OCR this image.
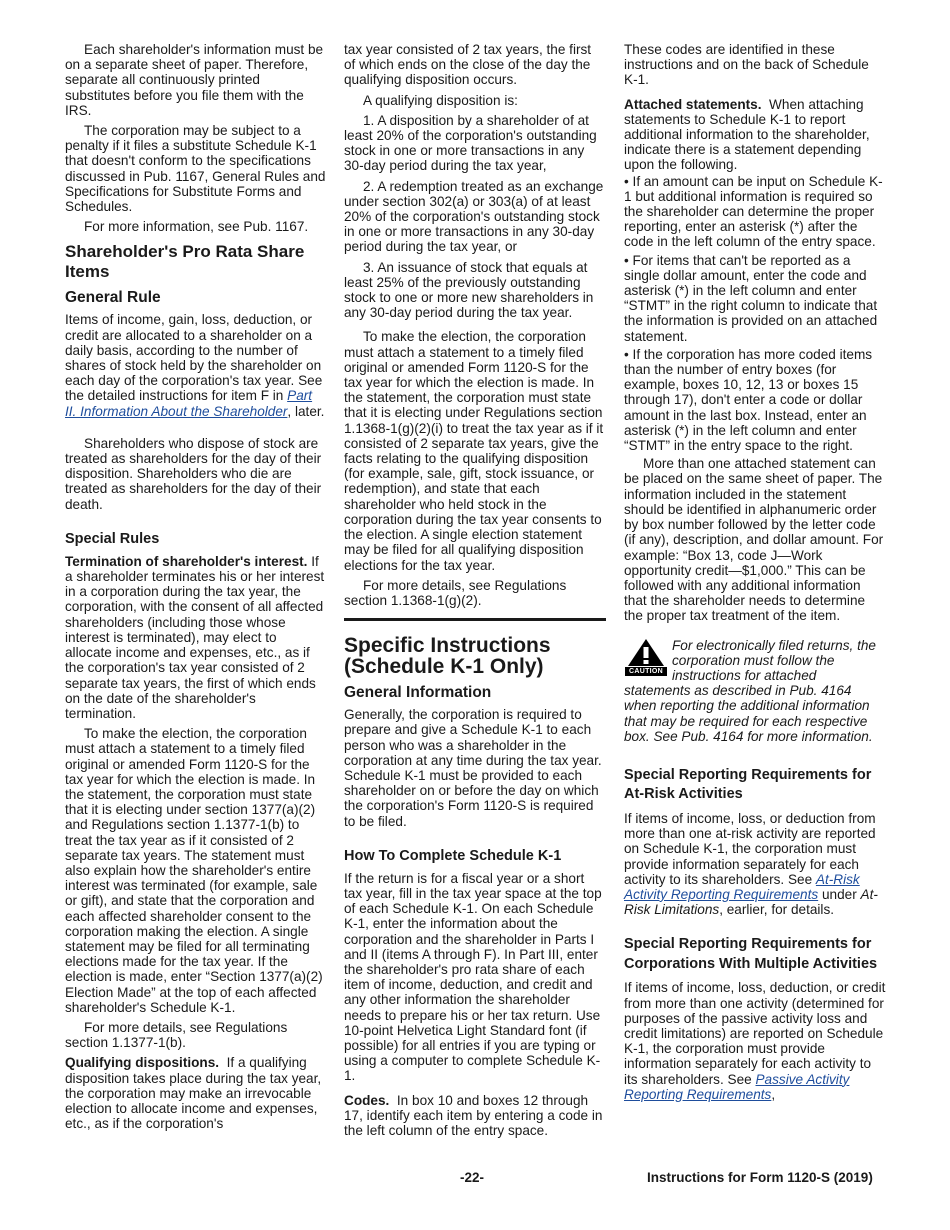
Each shareholder's information must be on a separate sheet of paper. Therefore, separate all continuously printed substitutes before you file them with the IRS.

The corporation may be subject to a penalty if it files a substitute Schedule K-1 that doesn't conform to the specifications discussed in Pub. 1167, General Rules and Specifications for Substitute Forms and Schedules.

For more information, see Pub. 1167.

Shareholder's Pro Rata Share Items
General Rule

Items of income, gain, loss, deduction, or credit are allocated to a shareholder on a daily basis, according to the number of shares of stock held by the shareholder on each day of the corporation's tax year. See the detailed instructions for item F in Part II. Information About the Shareholder, later.

Shareholders who dispose of stock are treated as shareholders for the day of their disposition. Shareholders who die are treated as shareholders for the day of their death.

Special Rules

Termination of shareholder's interest. If a shareholder terminates his or her interest in a corporation during the tax year, the corporation, with the consent of all affected shareholders (including those whose interest is terminated), may elect to allocate income and expenses, etc., as if the corporation's tax year consisted of 2 separate tax years, the first of which ends on the date of the shareholder's termination.

To make the election, the corporation must attach a statement to a timely filed original or amended Form 1120-S for the tax year for which the election is made. In the statement, the corporation must state that it is electing under section 1377(a)(2) and Regulations section 1.1377-1(b) to treat the tax year as if it consisted of 2 separate tax years. The statement must also explain how the shareholder's entire interest was terminated (for example, sale or gift), and state that the corporation and each affected shareholder consent to the corporation making the election. A single statement may be filed for all terminating elections made for the tax year. If the election is made, enter “Section 1377(a)(2) Election Made” at the top of each affected shareholder's Schedule K-1.

For more details, see Regulations section 1.1377-1(b).

Qualifying dispositions. If a qualifying disposition takes place during the tax year, the corporation may make an irrevocable election to allocate income and expenses, etc., as if the corporation's

tax year consisted of 2 tax years, the first of which ends on the close of the day the qualifying disposition occurs.

A qualifying disposition is:

1. A disposition by a shareholder of at least 20% of the corporation's outstanding stock in one or more transactions in any 30-day period during the tax year,

2. A redemption treated as an exchange under section 302(a) or 303(a) of at least 20% of the corporation's outstanding stock in one or more transactions in any 30-day period during the tax year, or

3. An issuance of stock that equals at least 25% of the previously outstanding stock to one or more new shareholders in any 30-day period during the tax year.

To make the election, the corporation must attach a statement to a timely filed original or amended Form 1120-S for the tax year for which the election is made. In the statement, the corporation must state that it is electing under Regulations section 1.1368-1(g)(2)(i) to treat the tax year as if it consisted of 2 separate tax years, give the facts relating to the qualifying disposition (for example, sale, gift, stock issuance, or redemption), and state that each shareholder who held stock in the corporation during the tax year consents to the election. A single election statement may be filed for all qualifying disposition elections for the tax year.

For more details, see Regulations section 1.1368-1(g)(2).

Specific Instructions (Schedule K-1 Only)
General Information

Generally, the corporation is required to prepare and give a Schedule K-1 to each person who was a shareholder in the corporation at any time during the tax year. Schedule K-1 must be provided to each shareholder on or before the day on which the corporation's Form 1120-S is required to be filed.

How To Complete Schedule K-1

If the return is for a fiscal year or a short tax year, fill in the tax year space at the top of each Schedule K-1. On each Schedule K-1, enter the information about the corporation and the shareholder in Parts I and II (items A through F). In Part III, enter the shareholder's pro rata share of each item of income, deduction, and credit and any other information the shareholder needs to prepare his or her tax return. Use 10-point Helvetica Light Standard font (if possible) for all entries if you are typing or using a computer to complete Schedule K-1.

Codes. In box 10 and boxes 12 through 17, identify each item by entering a code in the left column of the entry space.

These codes are identified in these instructions and on the back of Schedule K-1.

Attached statements. When attaching statements to Schedule K-1 to report additional information to the shareholder, indicate there is a statement depending upon the following.

• If an amount can be input on Schedule K-1 but additional information is required so the shareholder can determine the proper reporting, enter an asterisk (*) after the code in the left column of the entry space.

• For items that can't be reported as a single dollar amount, enter the code and asterisk (*) in the left column and enter “STMT” in the right column to indicate that the information is provided on an attached statement.

• If the corporation has more coded items than the number of entry boxes (for example, boxes 10, 12, 13 or boxes 15 through 17), don't enter a code or dollar amount in the last box. Instead, enter an asterisk (*) in the left column and enter “STMT” in the entry space to the right.

More than one attached statement can be placed on the same sheet of paper. The information included in the statement should be identified in alphanumeric order by box number followed by the letter code (if any), description, and dollar amount. For example: “Box 13, code J—Work opportunity credit—$1,000.” This can be followed with any additional information that the shareholder needs to determine the proper tax treatment of the item.

CAUTION
For electronically filed returns, the corporation must follow the instructions for attached statements as described in Pub. 4164 when reporting the additional information that may be required for each respective box. See Pub. 4164 for more information.
Special Reporting Requirements for At-Risk Activities

If items of income, loss, or deduction from more than one at-risk activity are reported on Schedule K-1, the corporation must provide information separately for each activity to its shareholders. See At-Risk Activity Reporting Requirements under At-Risk Limitations, earlier, for details.

Special Reporting Requirements for Corporations With Multiple Activities

If items of income, loss, deduction, or credit from more than one activity (determined for purposes of the passive activity loss and credit limitations) are reported on Schedule K-1, the corporation must provide information separately for each activity to its shareholders. See Passive Activity Reporting Requirements,

-22-	Instructions for Form 1120-S (2019)
